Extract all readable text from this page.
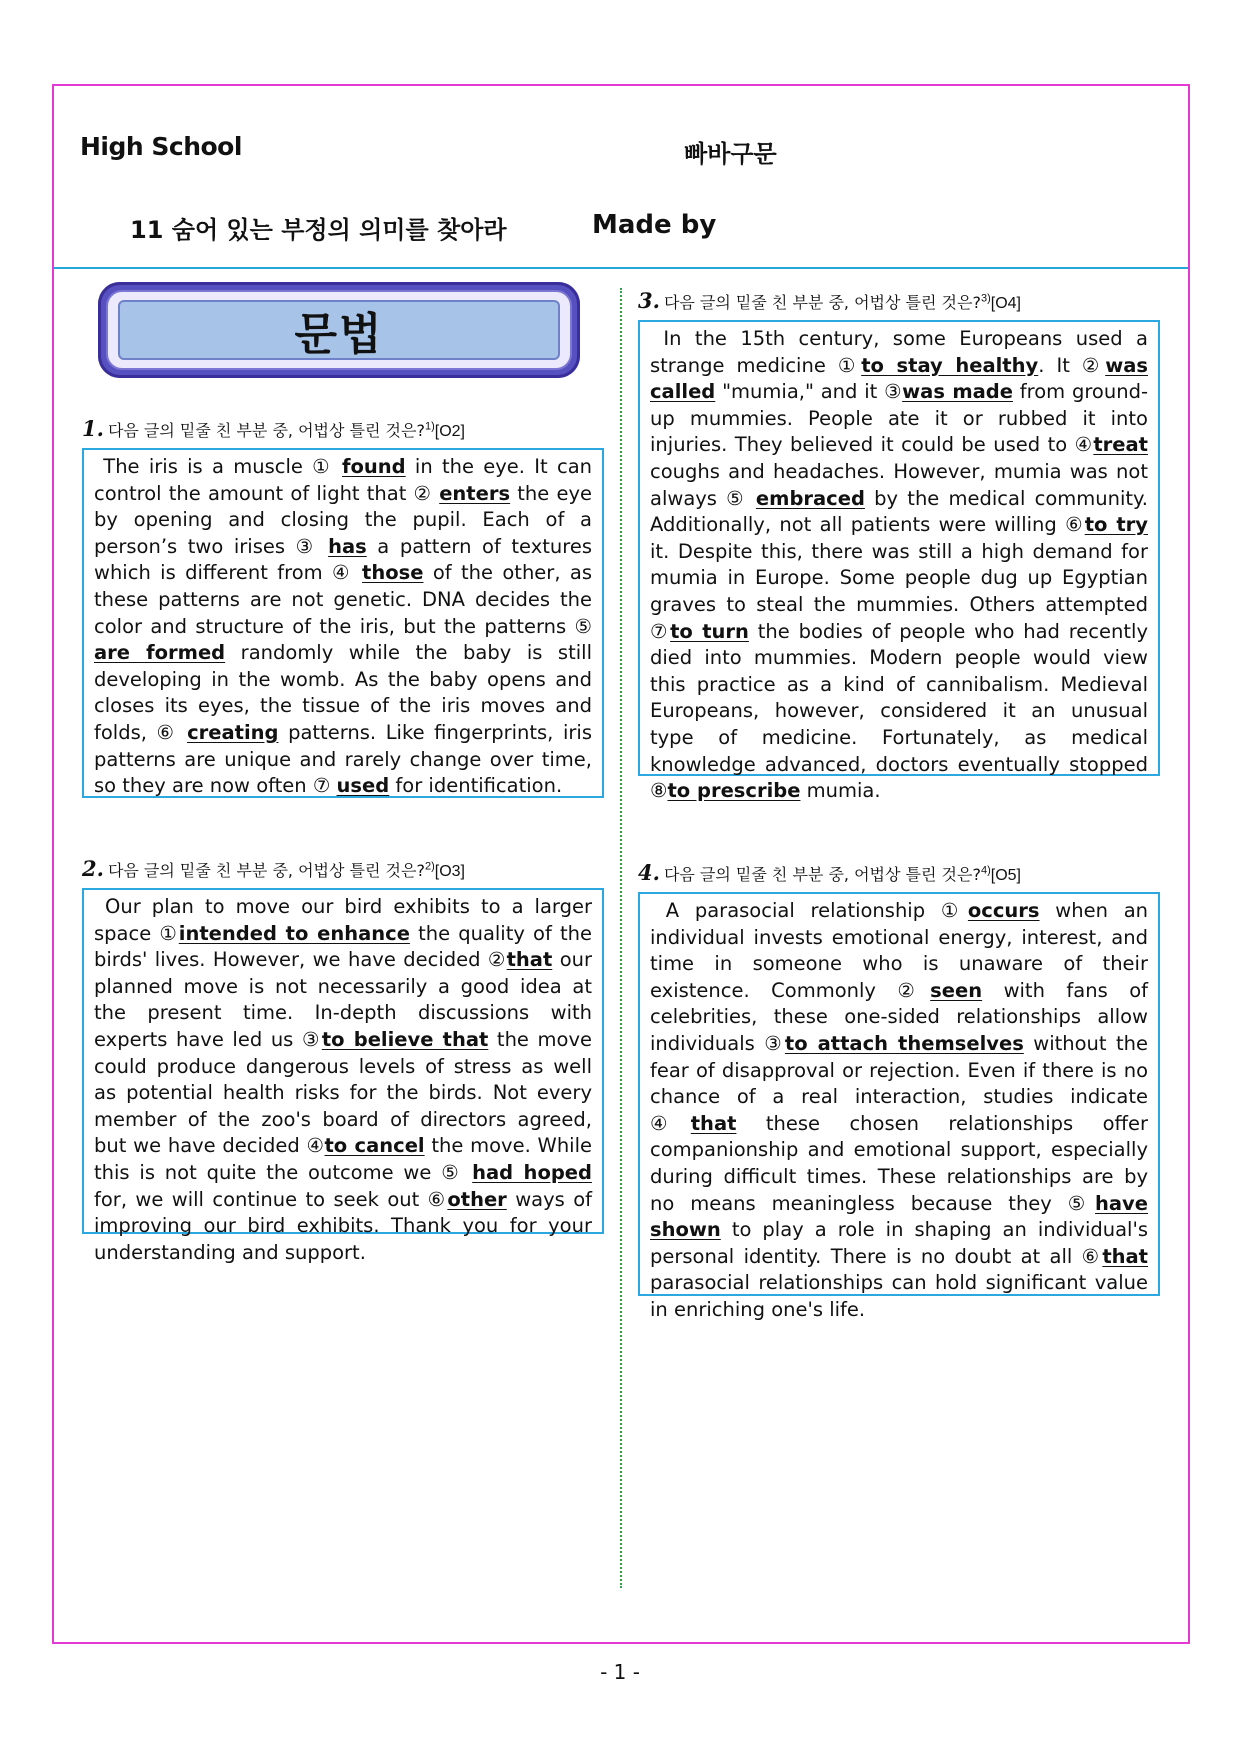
High School	빠바구문
11 숨어 있는 부정의 의미를 찾아라	Made by
문법
1. 다음 글의 밑줄 친 부분 중, 어법상 틀린 것은?$^{1)}$[O2]
The iris is a muscle ① found in the eye. It can control the amount of light that ② enters the eye by opening and closing the pupil. Each of a person’s two irises ③ has a pattern of textures which is different from ④ those of the other, as these patterns are not genetic. DNA decides the color and structure of the iris, but the patterns ⑤ are formed randomly while the baby is still developing in the womb. As the baby opens and closes its eyes, the tissue of the iris moves and folds, ⑥ creating patterns. Like fingerprints, iris patterns are unique and rarely change over time, so they are now often ⑦ used for identification.
2. 다음 글의 밑줄 친 부분 중, 어법상 틀린 것은?$^{2)}$[O3]
Our plan to move our bird exhibits to a larger space ①intended to enhance the quality of the birds' lives. However, we have decided ②that our planned move is not necessarily a good idea at the present time. In-depth discussions with experts have led us ③to believe that the move could produce dangerous levels of stress as well as potential health risks for the birds. Not every member of the zoo's board of directors agreed, but we have decided ④to cancel the move. While this is not quite the outcome we ⑤ had hoped for, we will continue to seek out ⑥other ways of improving our bird exhibits. Thank you for your understanding and support.
3. 다음 글의 밑줄 친 부분 중, 어법상 틀린 것은?$^{3)}$[O4]
In the 15th century, some Europeans used a strange medicine ①to stay healthy. It ②was called "mumia," and it ③was made from ground-up mummies. People ate it or rubbed it into injuries. They believed it could be used to ④treat coughs and headaches. However, mumia was not always ⑤ embraced by the medical community. Additionally, not all patients were willing ⑥to try it. Despite this, there was still a high demand for mumia in Europe. Some people dug up Egyptian graves to steal the mummies. Others attempted ⑦to turn the bodies of people who had recently died into mummies. Modern people would view this practice as a kind of cannibalism. Medieval Europeans, however, considered it an unusual type of medicine. Fortunately, as medical knowledge advanced, doctors eventually stopped ⑧to prescribe mumia.
4. 다음 글의 밑줄 친 부분 중, 어법상 틀린 것은?$^{4)}$[O5]
A parasocial relationship ①occurs when an individual invests emotional energy, interest, and time in someone who is unaware of their existence. Commonly ②seen with fans of celebrities, these one-sided relationships allow individuals ③to attach themselves without the fear of disapproval or rejection. Even if there is no chance of a real interaction, studies indicate ④that these chosen relationships offer companionship and emotional support, especially during difficult times. These relationships are by no means meaningless because they ⑤have shown to play a role in shaping an individual's personal identity. There is no doubt at all ⑥that parasocial relationships can hold significant value in enriching one's life.
- 1 -
